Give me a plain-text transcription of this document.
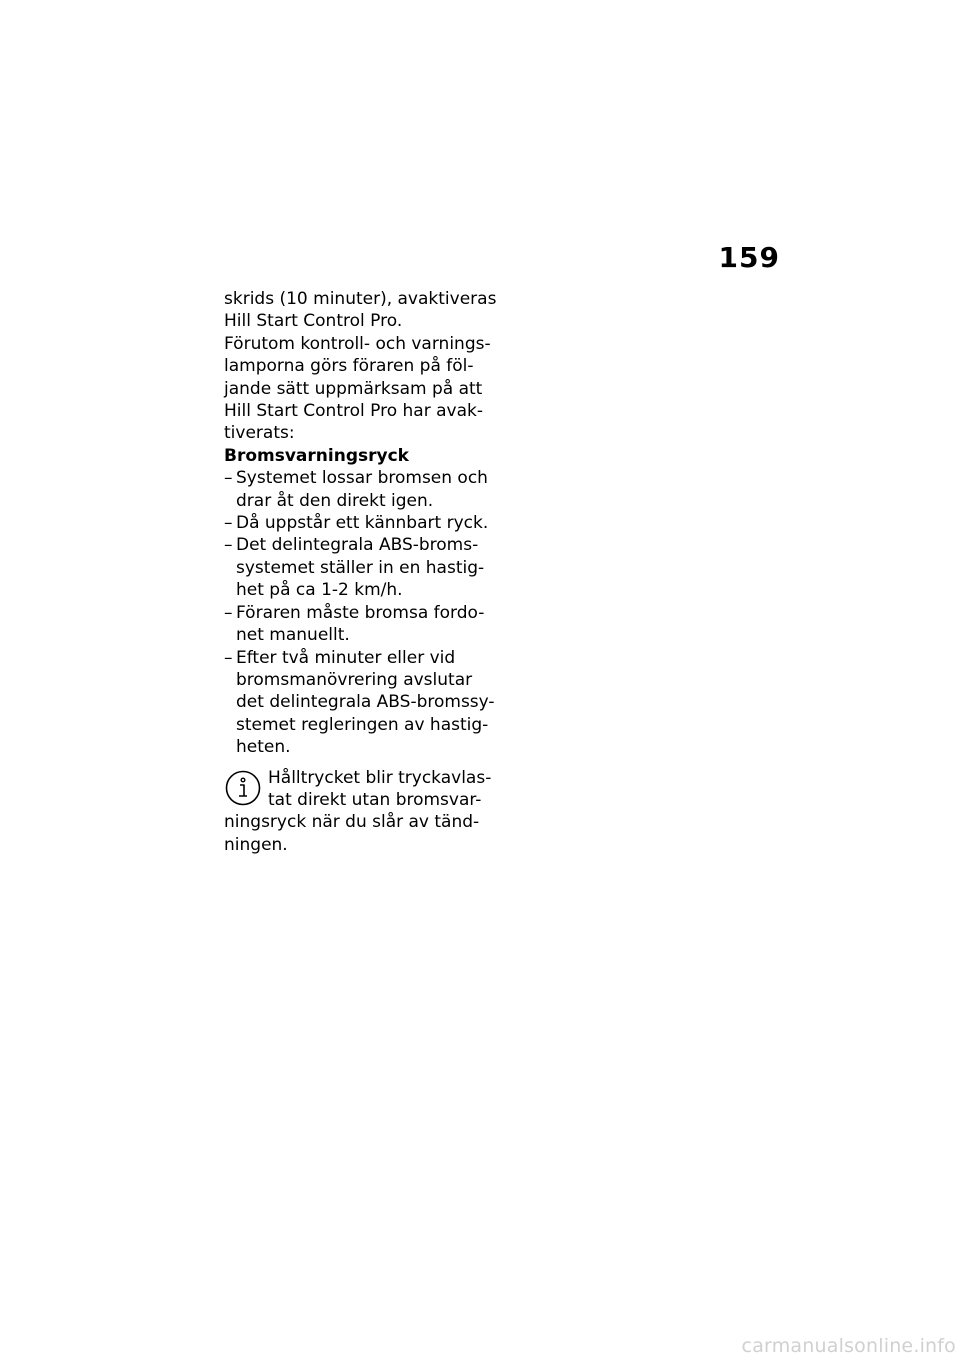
159
skrids (10 minuter), avaktiveras
Hill Start Control Pro.
Förutom kontroll- och varnings-
lamporna görs föraren på föl-
jande sätt uppmärksam på att
Hill Start Control Pro har avak-
tiverats:
Bromsvarningsryck
– Systemet lossar bromsen och
drar åt den direkt igen.
– Då uppstår ett kännbart ryck.
– Det delintegrala ABS-broms-
systemet ställer in en hastig-
het på ca 1-2 km/h.
– Föraren måste bromsa fordo-
net manuellt.
– Efter två minuter eller vid
bromsmanövrering avslutar
det delintegrala ABS-bromssy-
stemet regleringen av hastig-
heten.
Hålltrycket blir tryckavlas-
tat direkt utan bromsvar-
ningsryck när du slår av tänd-
ningen.
carmanualsonline.info
